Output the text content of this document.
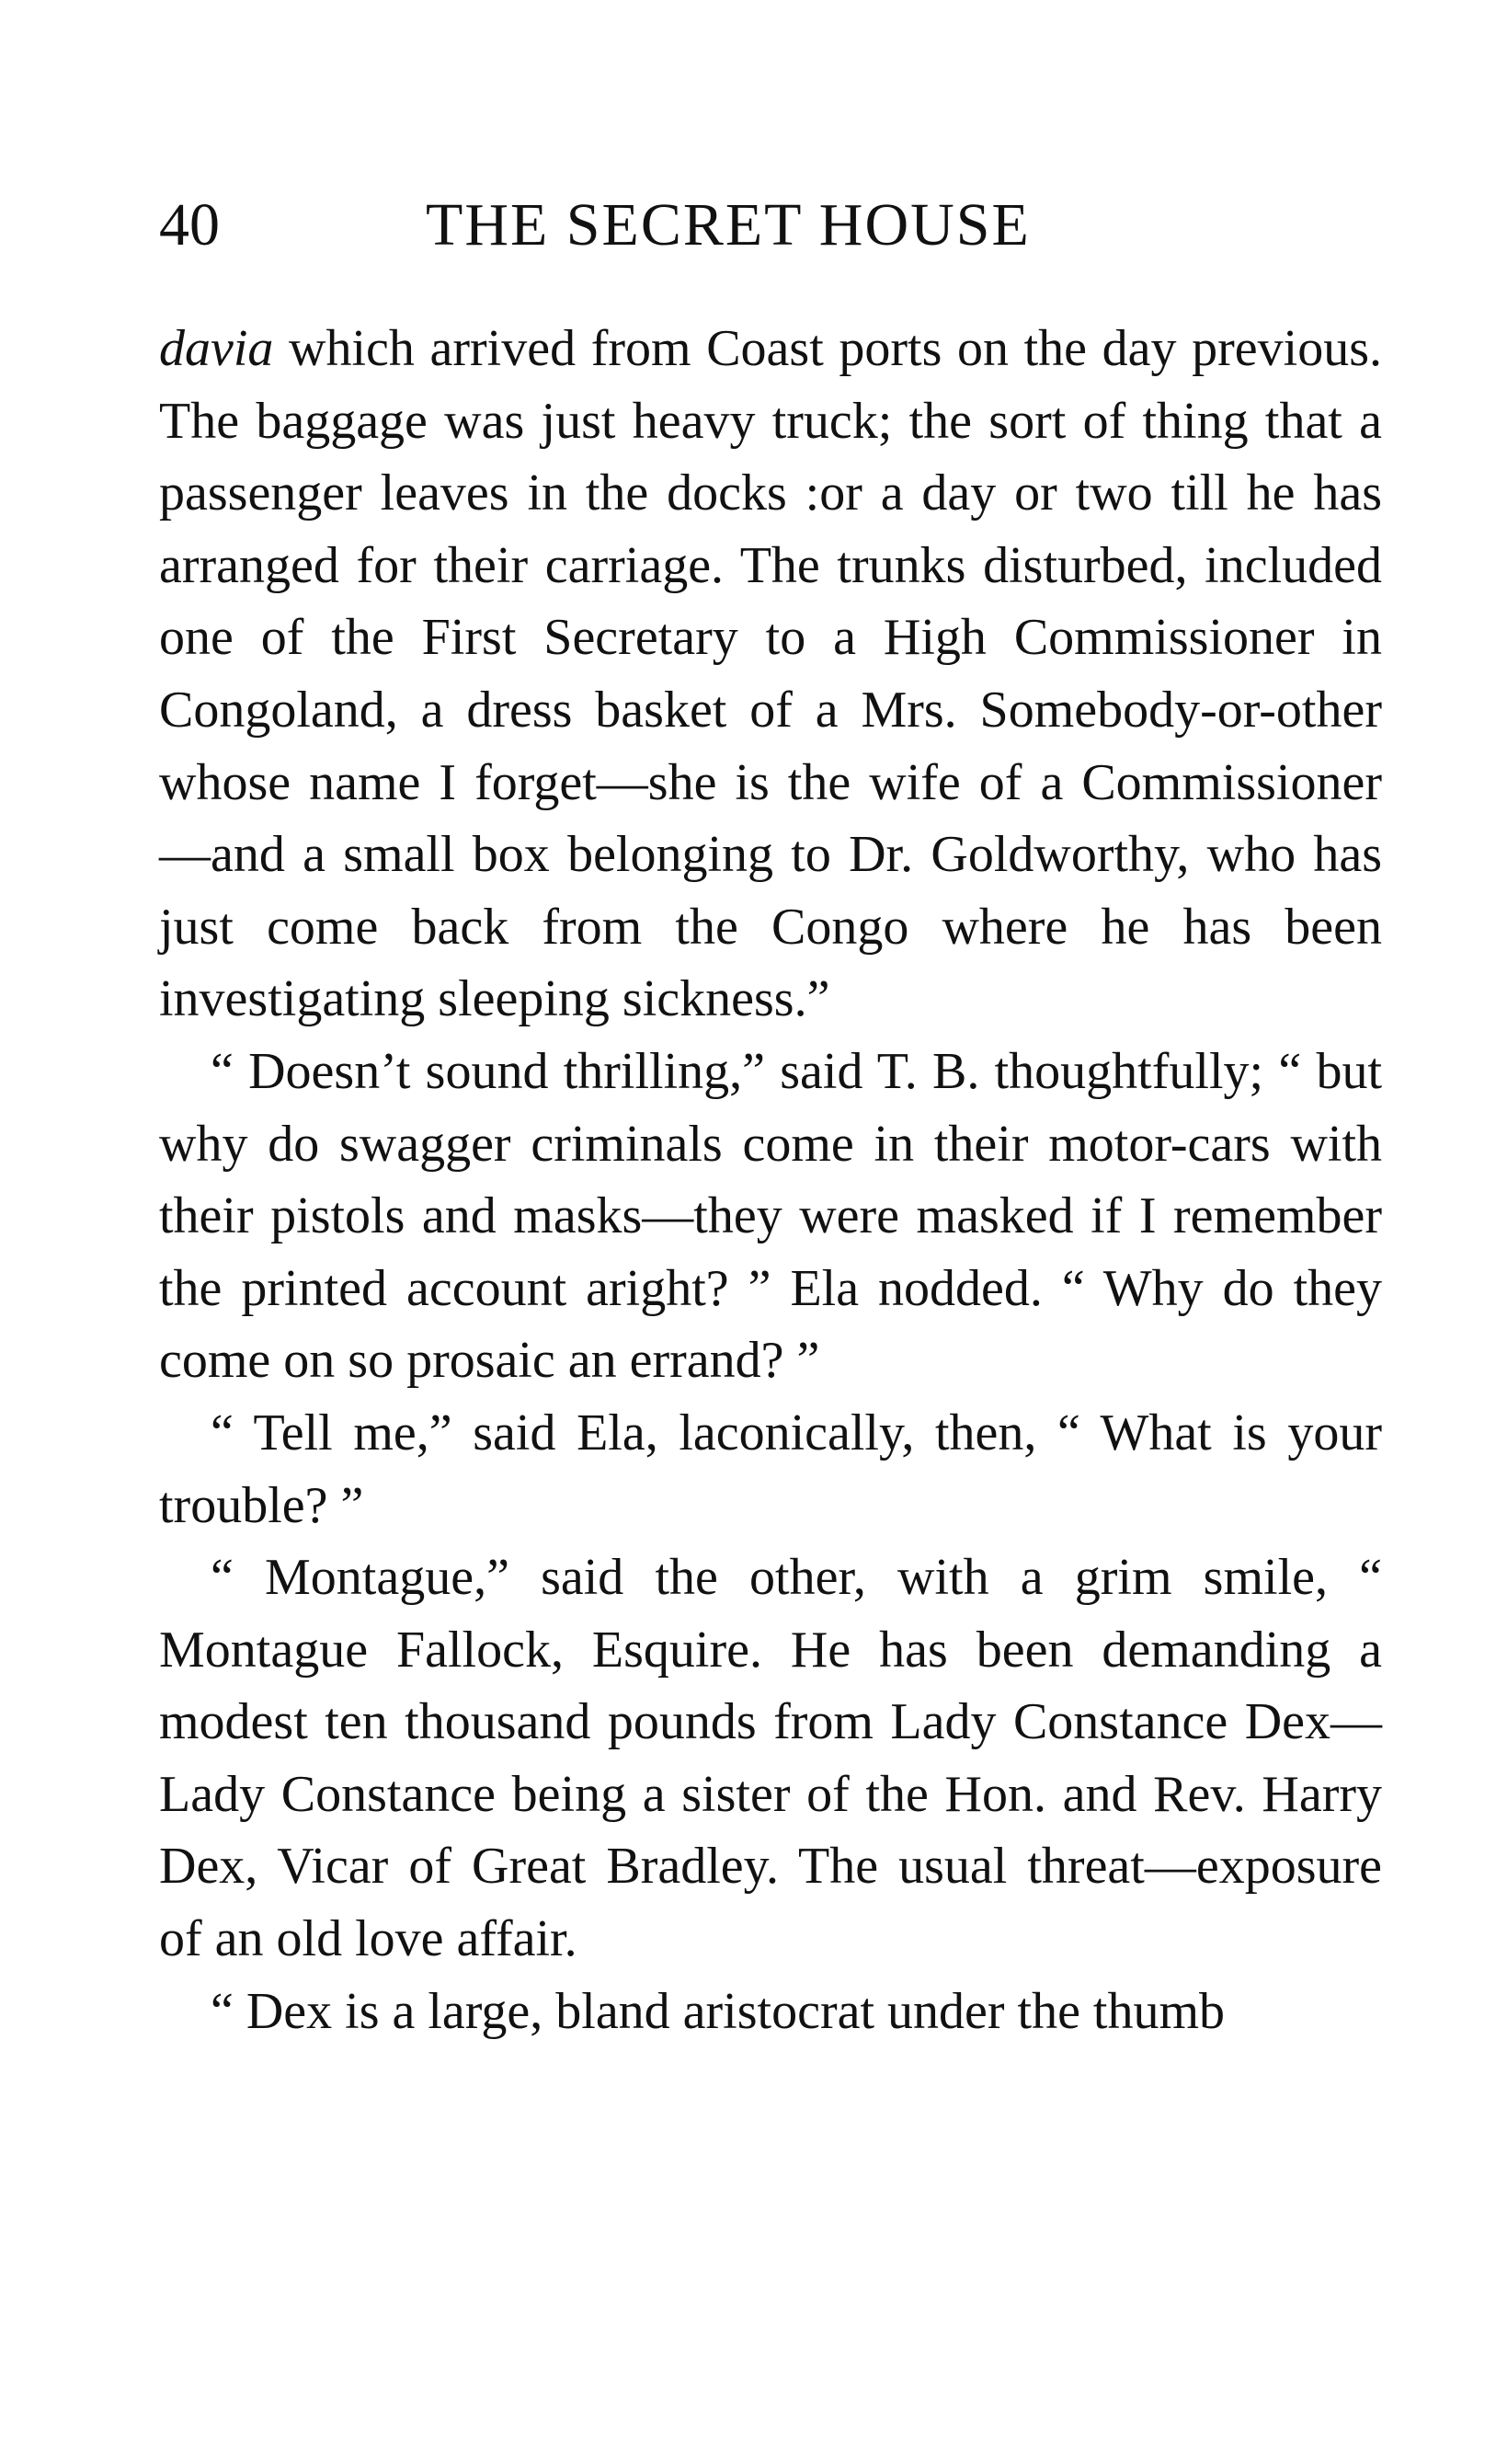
40	THE SECRET HOUSE

davia which arrived from Coast ports on the day previous. The baggage was just heavy truck; the sort of thing that a passenger leaves in the docks :or a day or two till he has arranged for their carriage. The trunks disturbed, included one of the First Secretary to a High Commissioner in Congoland, a dress basket of a Mrs. Somebody-or-other whose name I forget—she is the wife of a Commissioner —and a small box belonging to Dr. Goldworthy, who has just come back from the Congo where he has been investigating sleeping sickness.”

“ Doesn’t sound thrilling,” said T. B. thoughtfully; “ but why do swagger criminals come in their motor-cars with their pistols and masks—they were masked if I remember the printed account aright? ” Ela nodded. “ Why do they come on so prosaic an errand? ”

“ Tell me,” said Ela, laconically, then, “ What is your trouble? ”

“ Montague,” said the other, with a grim smile, “ Montague Fallock, Esquire. He has been demanding a modest ten thousand pounds from Lady Constance Dex—Lady Constance being a sister of the Hon. and Rev. Harry Dex, Vicar of Great Bradley. The usual threat—exposure of an old love affair.

“ Dex is a large, bland aristocrat under the thumb
